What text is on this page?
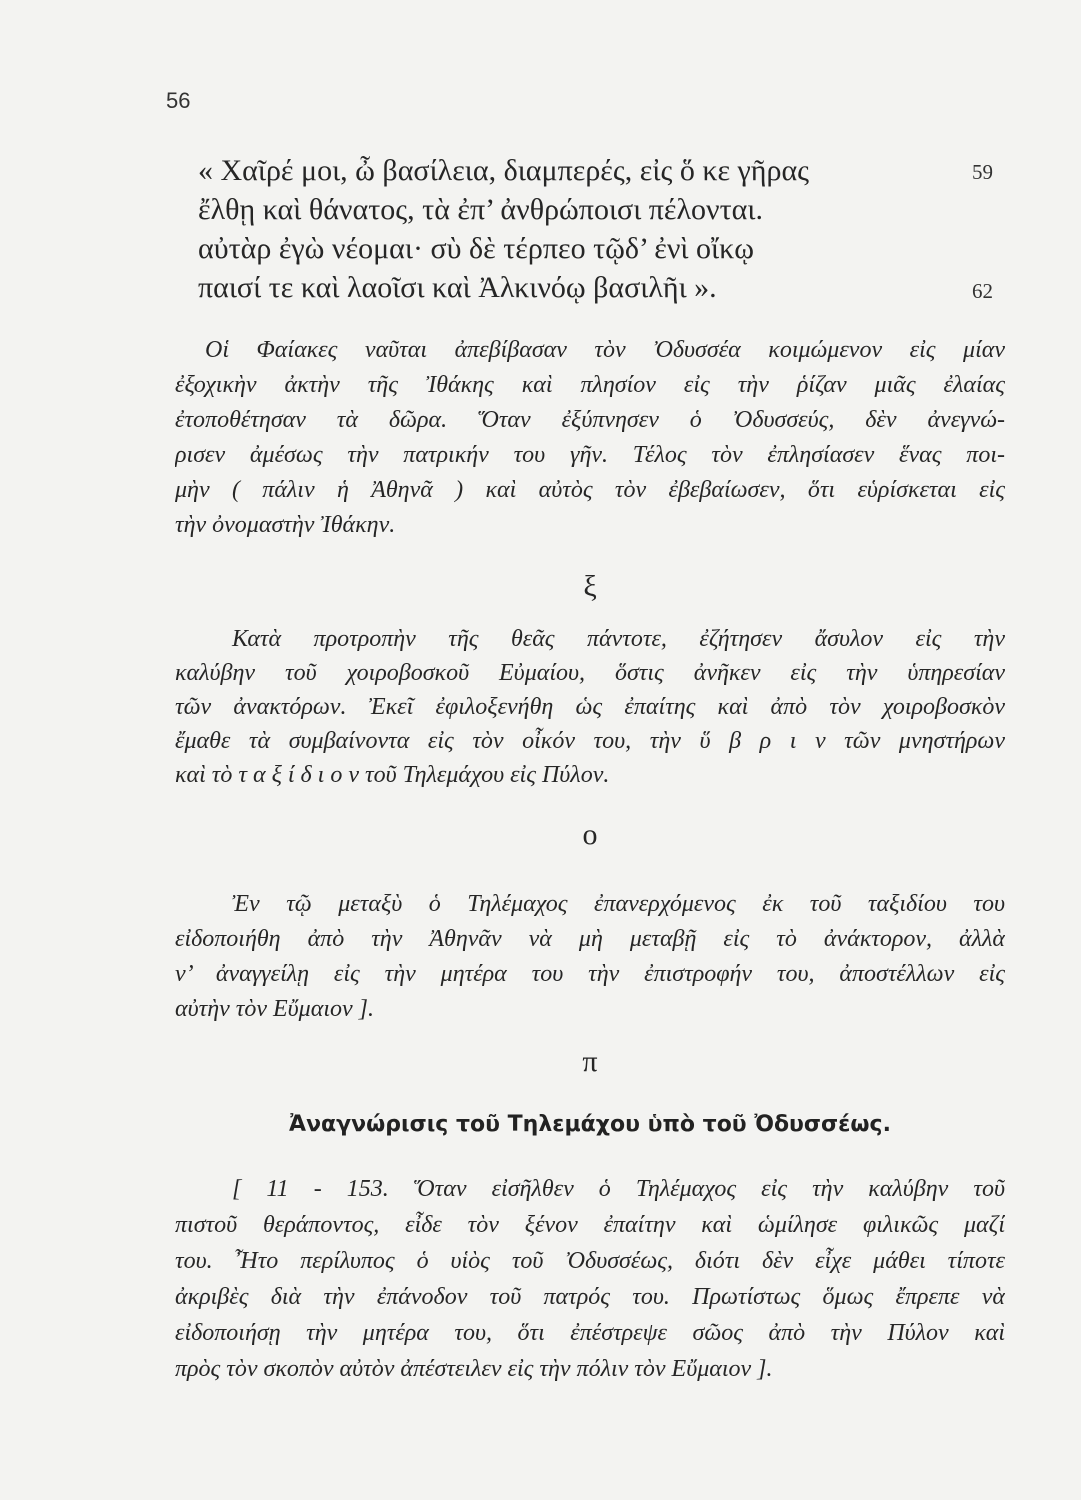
56
« Χαῖρέ μοι, ὦ βασίλεια, διαμπερές, εἰς ὅ κε γῆρας
ἔλθῃ καὶ θάνατος, τὰ ἐπ’ ἀνθρώποισι πέλονται.
αὐτὰρ ἐγὼ νέομαι· σὺ δὲ τέρπεο τῷδ’ ἐνὶ οἴκῳ
παισί τε καὶ λαοῖσι καὶ Ἀλκινόῳ βασιλῆι ».
59
62
Οἱ Φαίακες ναῦται ἀπεβίβασαν τὸν Ὀδυσσέα κοιμώμενον εἰς μίαν
ἐξοχικὴν ἀκτὴν τῆς Ἰθάκης καὶ πλησίον εἰς τὴν ῥίζαν μιᾶς ἐλαίας
ἐτοποθέτησαν τὰ δῶρα. Ὅταν ἐξύπνησεν ὁ Ὀδυσσεύς, δὲν ἀνεγνώ-
ρισεν ἀμέσως τὴν πατρικήν του γῆν. Τέλος τὸν ἐπλησίασεν ἕνας ποι-
μὴν ( πάλιν ἡ Ἀθηνᾶ ) καὶ αὐτὸς τὸν ἐβεβαίωσεν, ὅτι εὑρίσκεται εἰς
τὴν ὀνομαστὴν Ἰθάκην.
ξ
Κατὰ προτροπὴν τῆς θεᾶς πάντοτε, ἐζήτησεν ἄσυλον εἰς τὴν
καλύβην τοῦ χοιροβοσκοῦ Εὐμαίου, ὅστις ἀνῆκεν εἰς τὴν ὑπηρεσίαν
τῶν ἀνακτόρων. Ἐκεῖ ἐφιλοξενήθη ὡς ἐπαίτης καὶ ἀπὸ τὸν χοιροβοσκὸν
ἔμαθε τὰ συμβαίνοντα εἰς τὸν οἶκόν του, τὴν ὕ β ρ ι ν τῶν μνηστήρων
καὶ τὸ τ α ξ ί δ ι ο ν τοῦ Τηλεμάχου εἰς Πύλον.
ο
Ἐν τῷ μεταξὺ ὁ Τηλέμαχος ἐπανερχόμενος ἐκ τοῦ ταξιδίου του
εἰδοποιήθη ἀπὸ τὴν Ἀθηνᾶν νὰ μὴ μεταβῇ εἰς τὸ ἀνάκτορον, ἀλλὰ
ν’ ἀναγγείλῃ εἰς τὴν μητέρα του τὴν ἐπιστροφήν του, ἀποστέλλων εἰς
αὐτὴν τὸν Εὔμαιον ].
π
Ἀναγνώρισις τοῦ Τηλεμάχου ὑπὸ τοῦ Ὀδυσσέως.
[ 11 - 153. Ὅταν εἰσῆλθεν ὁ Τηλέμαχος εἰς τὴν καλύβην τοῦ
πιστοῦ θεράποντος, εἶδε τὸν ξένον ἐπαίτην καὶ ὡμίλησε φιλικῶς μαζί
του. Ἦτο περίλυπος ὁ υἱὸς τοῦ Ὀδυσσέως, διότι δὲν εἶχε μάθει τίποτε
ἀκριβὲς διὰ τὴν ἐπάνοδον τοῦ πατρός του. Πρωτίστως ὅμως ἔπρεπε νὰ
εἰδοποιήσῃ τὴν μητέρα του, ὅτι ἐπέστρεψε σῶος ἀπὸ τὴν Πύλον καὶ
πρὸς τὸν σκοπὸν αὐτὸν ἀπέστειλεν εἰς τὴν πόλιν τὸν Εὔμαιον ].
